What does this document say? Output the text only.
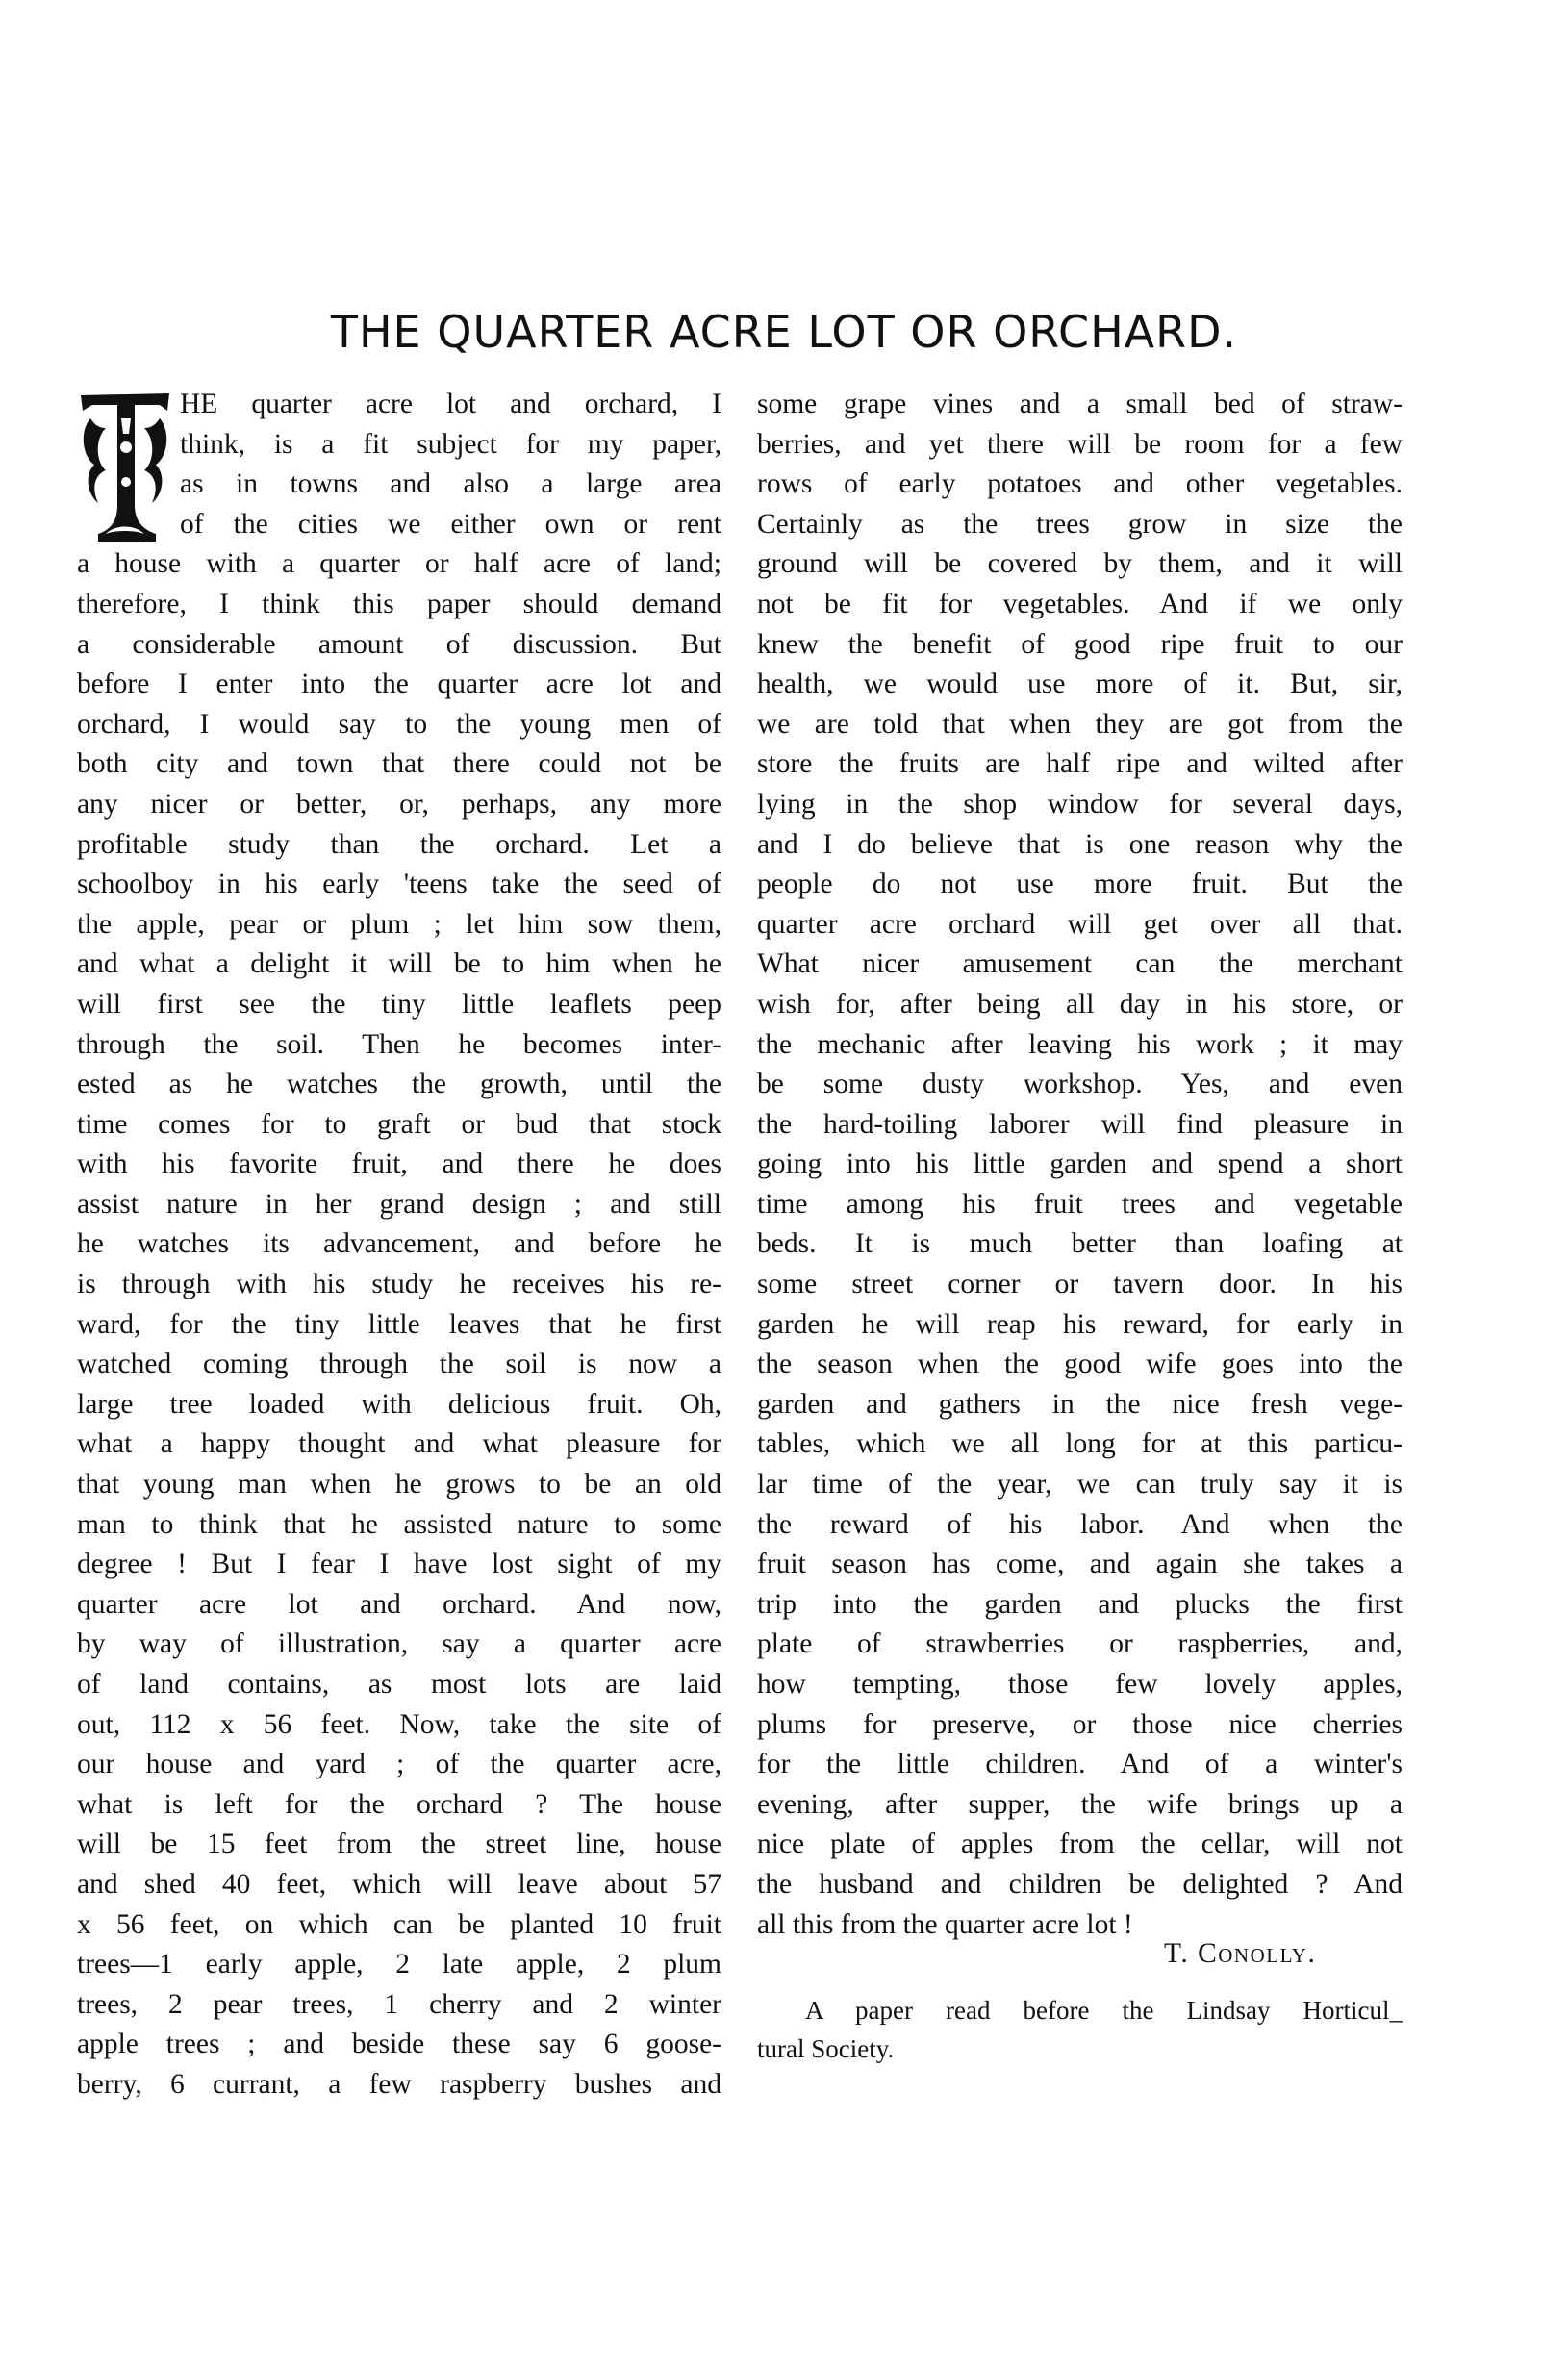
THE QUARTER ACRE LOT OR ORCHARD.
HE quarter acre lot and orchard, I
think, is a fit subject for my paper,
as in towns and also a large area
of the cities we either own or rent
a house with a quarter or half acre of land;
therefore, I think this paper should demand
a considerable amount of discussion. But
before I enter into the quarter acre lot and
orchard, I would say to the young men of
both city and town that there could not be
any nicer or better, or, perhaps, any more
profitable study than the orchard. Let a
schoolboy in his early 'teens take the seed of
the apple, pear or plum ; let him sow them,
and what a delight it will be to him when he
will first see the tiny little leaflets peep
through the soil. Then he becomes inter-
ested as he watches the growth, until the
time comes for to graft or bud that stock
with his favorite fruit, and there he does
assist nature in her grand design ; and still
he watches its advancement, and before he
is through with his study he receives his re-
ward, for the tiny little leaves that he first
watched coming through the soil is now a
large tree loaded with delicious fruit. Oh,
what a happy thought and what pleasure for
that young man when he grows to be an old
man to think that he assisted nature to some
degree ! But I fear I have lost sight of my
quarter acre lot and orchard. And now,
by way of illustration, say a quarter acre
of land contains, as most lots are laid
out, 112 x 56 feet. Now, take the site of
our house and yard ; of the quarter acre,
what is left for the orchard ? The house
will be 15 feet from the street line, house
and shed 40 feet, which will leave about 57
x 56 feet, on which can be planted 10 fruit
trees—1 early apple, 2 late apple, 2 plum
trees, 2 pear trees, 1 cherry and 2 winter
apple trees ; and beside these say 6 goose-
berry, 6 currant, a few raspberry bushes and
some grape vines and a small bed of straw-
berries, and yet there will be room for a few
rows of early potatoes and other vegetables.
Certainly as the trees grow in size the
ground will be covered by them, and it will
not be fit for vegetables. And if we only
knew the benefit of good ripe fruit to our
health, we would use more of it. But, sir,
we are told that when they are got from the
store the fruits are half ripe and wilted after
lying in the shop window for several days,
and I do believe that is one reason why the
people do not use more fruit. But the
quarter acre orchard will get over all that.
What nicer amusement can the merchant
wish for, after being all day in his store, or
the mechanic after leaving his work ; it may
be some dusty workshop. Yes, and even
the hard-toiling laborer will find pleasure in
going into his little garden and spend a short
time among his fruit trees and vegetable
beds. It is much better than loafing at
some street corner or tavern door. In his
garden he will reap his reward, for early in
the season when the good wife goes into the
garden and gathers in the nice fresh vege-
tables, which we all long for at this particu-
lar time of the year, we can truly say it is
the reward of his labor. And when the
fruit season has come, and again she takes a
trip into the garden and plucks the first
plate of strawberries or raspberries, and,
how tempting, those few lovely apples,
plums for preserve, or those nice cherries
for the little children. And of a winter's
evening, after supper, the wife brings up a
nice plate of apples from the cellar, will not
the husband and children be delighted ? And
all this from the quarter acre lot !

T. Conolly.

A paper read before the Lindsay Horticul_
tural Society.
